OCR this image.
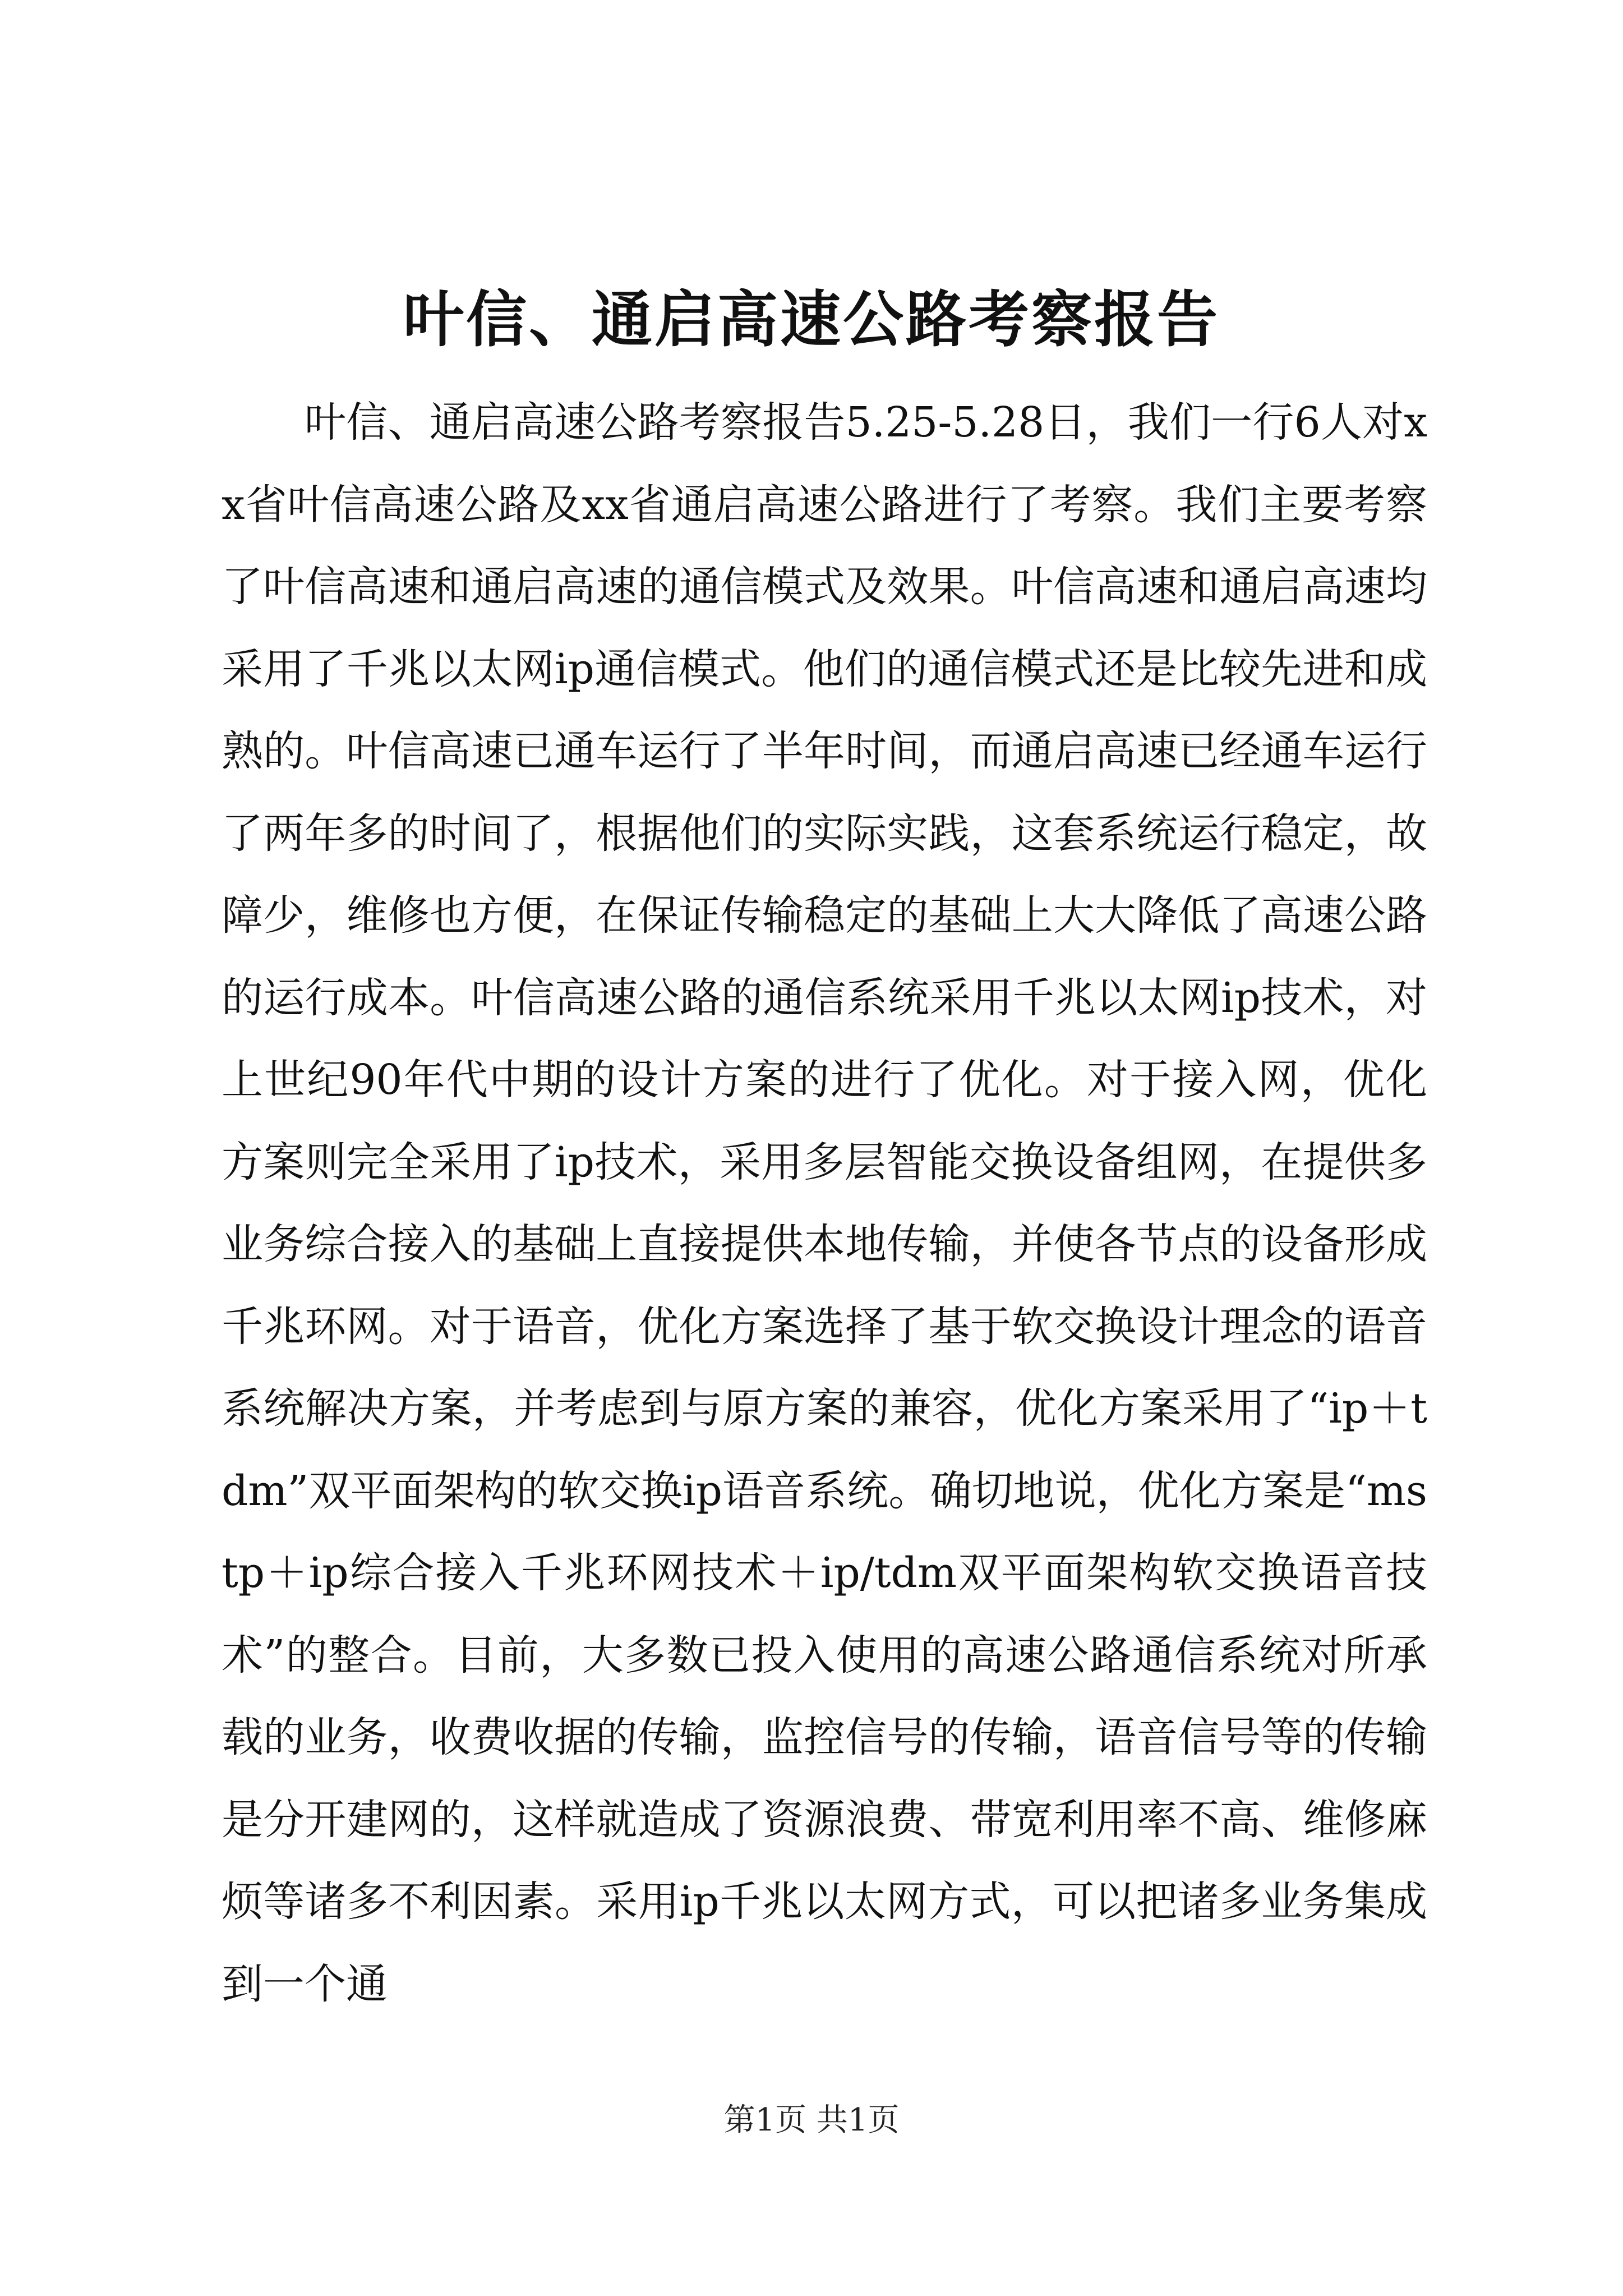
叶信、通启高速公路考察报告

叶信、通启高速公路考察报告5.25-5.28日，我们一行6人对xx省叶信高速公路及xx省通启高速公路进行了考察。我们主要考察了叶信高速和通启高速的通信模式及效果。叶信高速和通启高速均采用了千兆以太网ip通信模式。他们的通信模式还是比较先进和成熟的。叶信高速已通车运行了半年时间，而通启高速已经通车运行了两年多的时间了，根据他们的实际实践，这套系统运行稳定，故障少，维修也方便，在保证传输稳定的基础上大大降低了高速公路的运行成本。叶信高速公路的通信系统采用千兆以太网ip技术，对上世纪90年代中期的设计方案的进行了优化。对于接入网，优化方案则完全采用了ip技术，采用多层智能交换设备组网，在提供多业务综合接入的基础上直接提供本地传输，并使各节点的设备形成千兆环网。对于语音，优化方案选择了基于软交换设计理念的语音系统解决方案，并考虑到与原方案的兼容，优化方案采用了“ip＋tdm”双平面架构的软交换ip语音系统。确切地说，优化方案是“mstp＋ip综合接入千兆环网技术＋ip/tdm双平面架构软交换语音技术”的整合。目前，大多数已投入使用的高速公路通信系统对所承载的业务，收费收据的传输，监控信号的传输，语音信号等的传输是分开建网的，这样就造成了资源浪费、带宽利用率不高、维修麻烦等诸多不利因素。采用ip千兆以太网方式，可以把诸多业务集成到一个通

第1页 共1页
